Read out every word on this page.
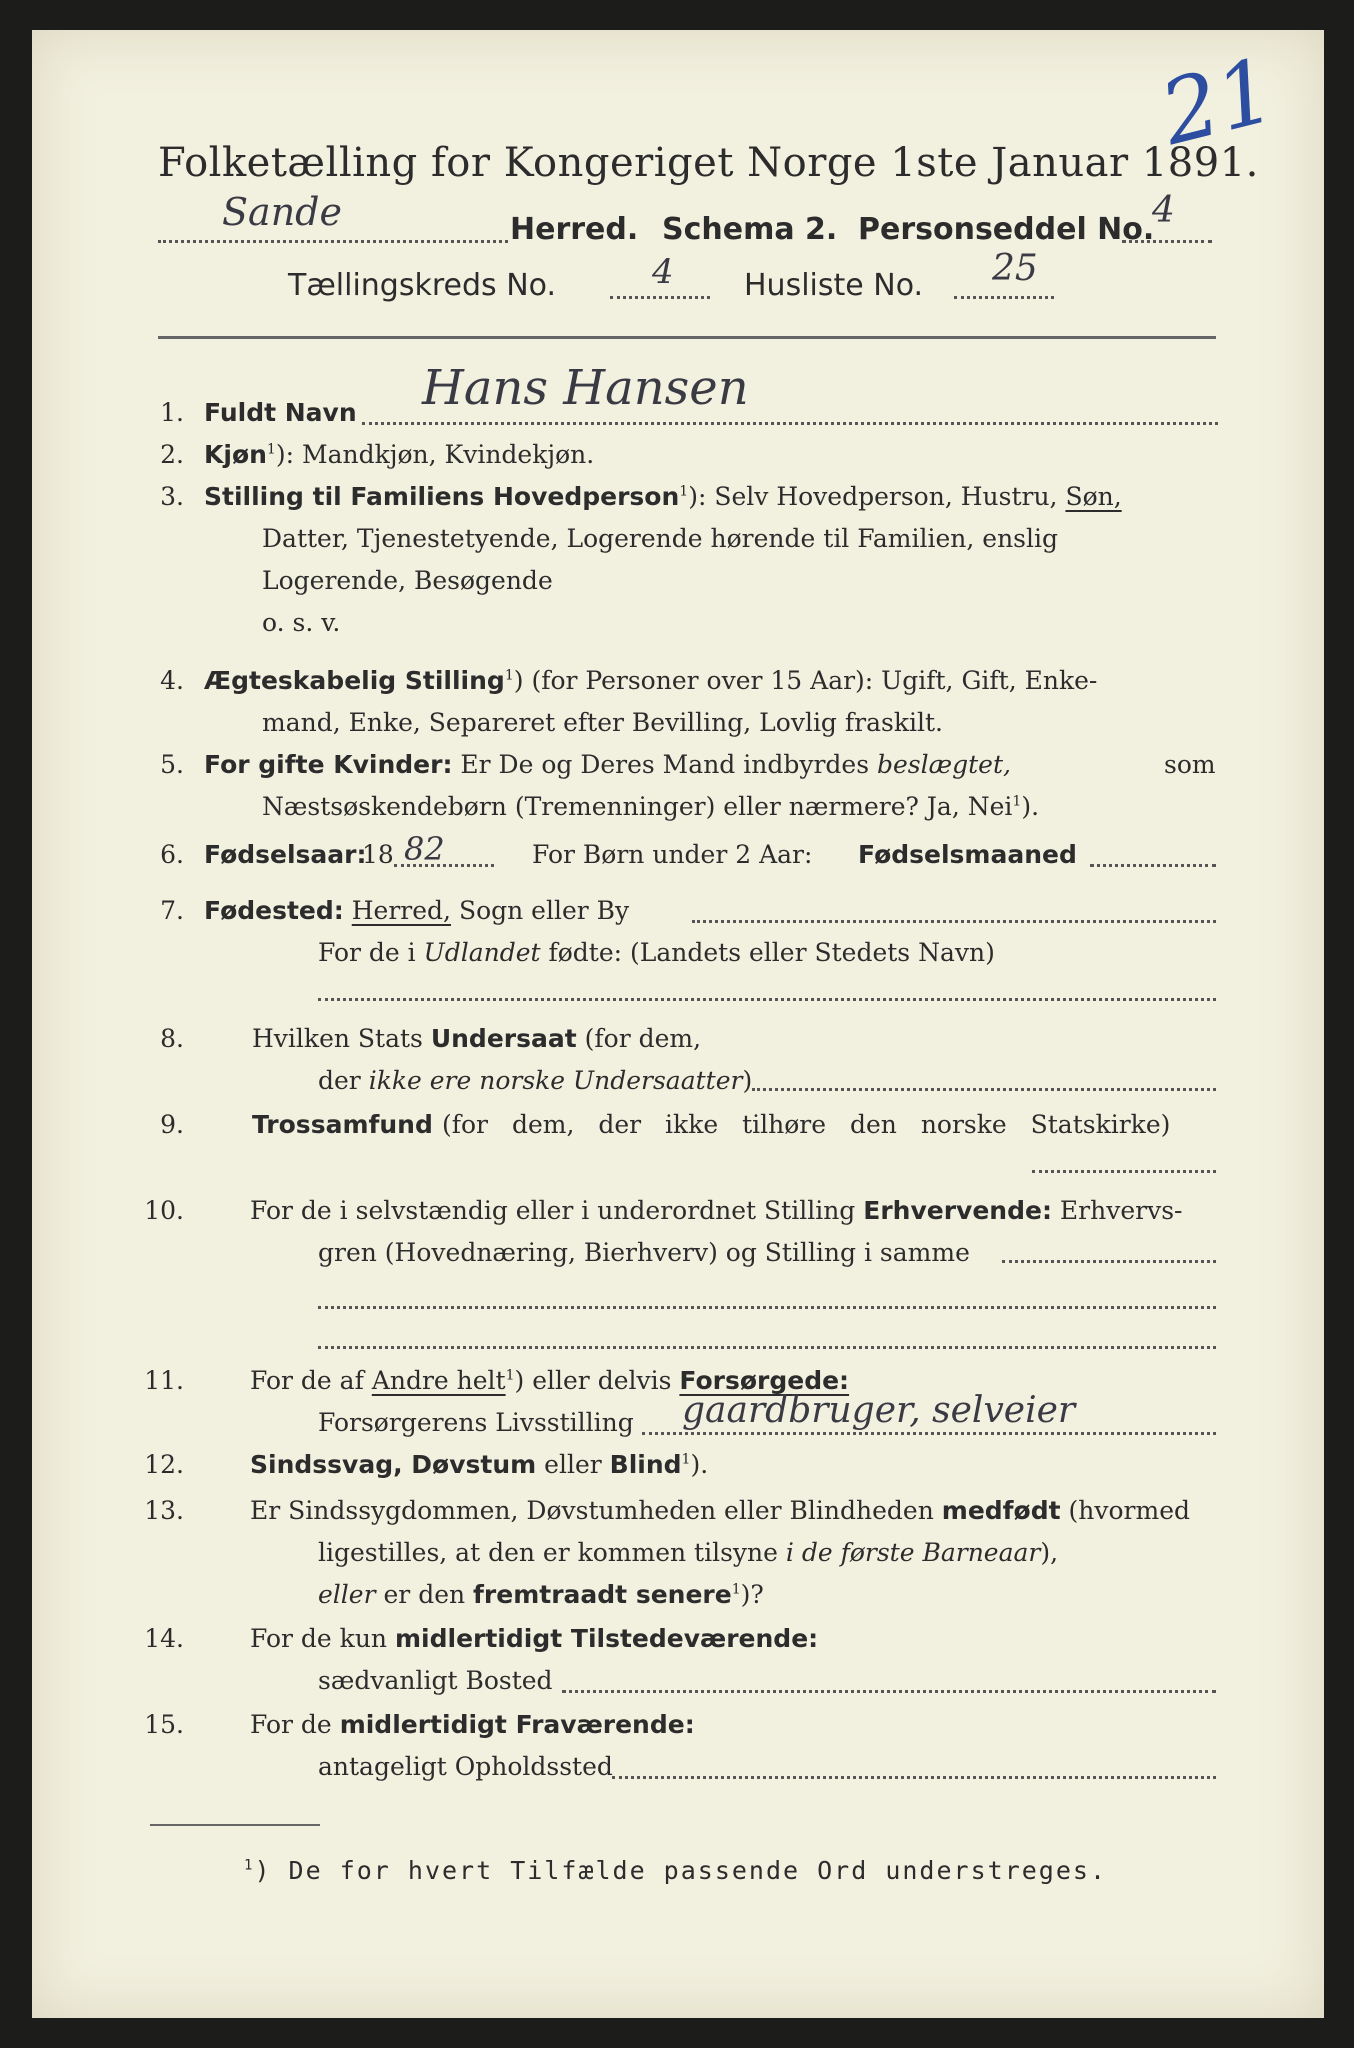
21
Folketælling for Kongeriget Norge 1ste Januar 1891.
Sande	Herred. Schema 2. Personseddel No.
4
Tællingskreds No.	4 Husliste No. 25
1. Fuldt Navn Hans Hansen
2. Kjøn$^1$): Mandkjøn, Kvindekjøn.
3. Stilling til Familiens Hovedperson$^1$): Selv Hovedperson, Hustru, Søn,
Datter, Tjenestetyende, Logerende hørende til Familien, enslig
Logerende, Besøgende
o. s. v.
4. Ægteskabelig Stilling$^1$) (for Personer over 15 Aar): Ugift, Gift, Enke-
mand, Enke, Separeret efter Bevilling, Lovlig fraskilt.
5. For gifte Kvinder: Er De og Deres Mand indbyrdes beslægtet,	som
Næstsøskendebørn (Tremenninger) eller nærmere? Ja, Nei$^1$).
6. Fødselsaar:
18 82	For Børn under 2 Aar: Fødselsmaaned
7. Fødested: Herred, Sogn eller By
For de i Udlandet fødte: (Landets eller Stedets Navn)
8.	Hvilken Stats Undersaat (for dem,
der ikke ere norske Undersaatter)
9.	Trossamfund (for dem, der ikke tilhøre den norske Statskirke)
10.	For de i selvstændig eller i underordnet Stilling Erhvervende: Erhvervs-
gren (Hovednæring, Bierhverv) og Stilling i samme
11.	For de af Andre helt$^1$) eller delvis Forsørgede:
Forsørgerens Livsstilling gaardbruger, selveier
12.	Sindssvag, Døvstum eller Blind$^1$).
13.	Er Sindssygdommen, Døvstumheden eller Blindheden medfødt (hvormed
ligestilles, at den er kommen tilsyne i de første Barneaar),
eller er den fremtraadt senere$^1$)?
14.	For de kun midlertidigt Tilstedeværende:
sædvanligt Bosted
15.	For de midlertidigt Fraværende:
antageligt Opholdssted
$^1$) De for hvert Tilfælde passende Ord understreges.
